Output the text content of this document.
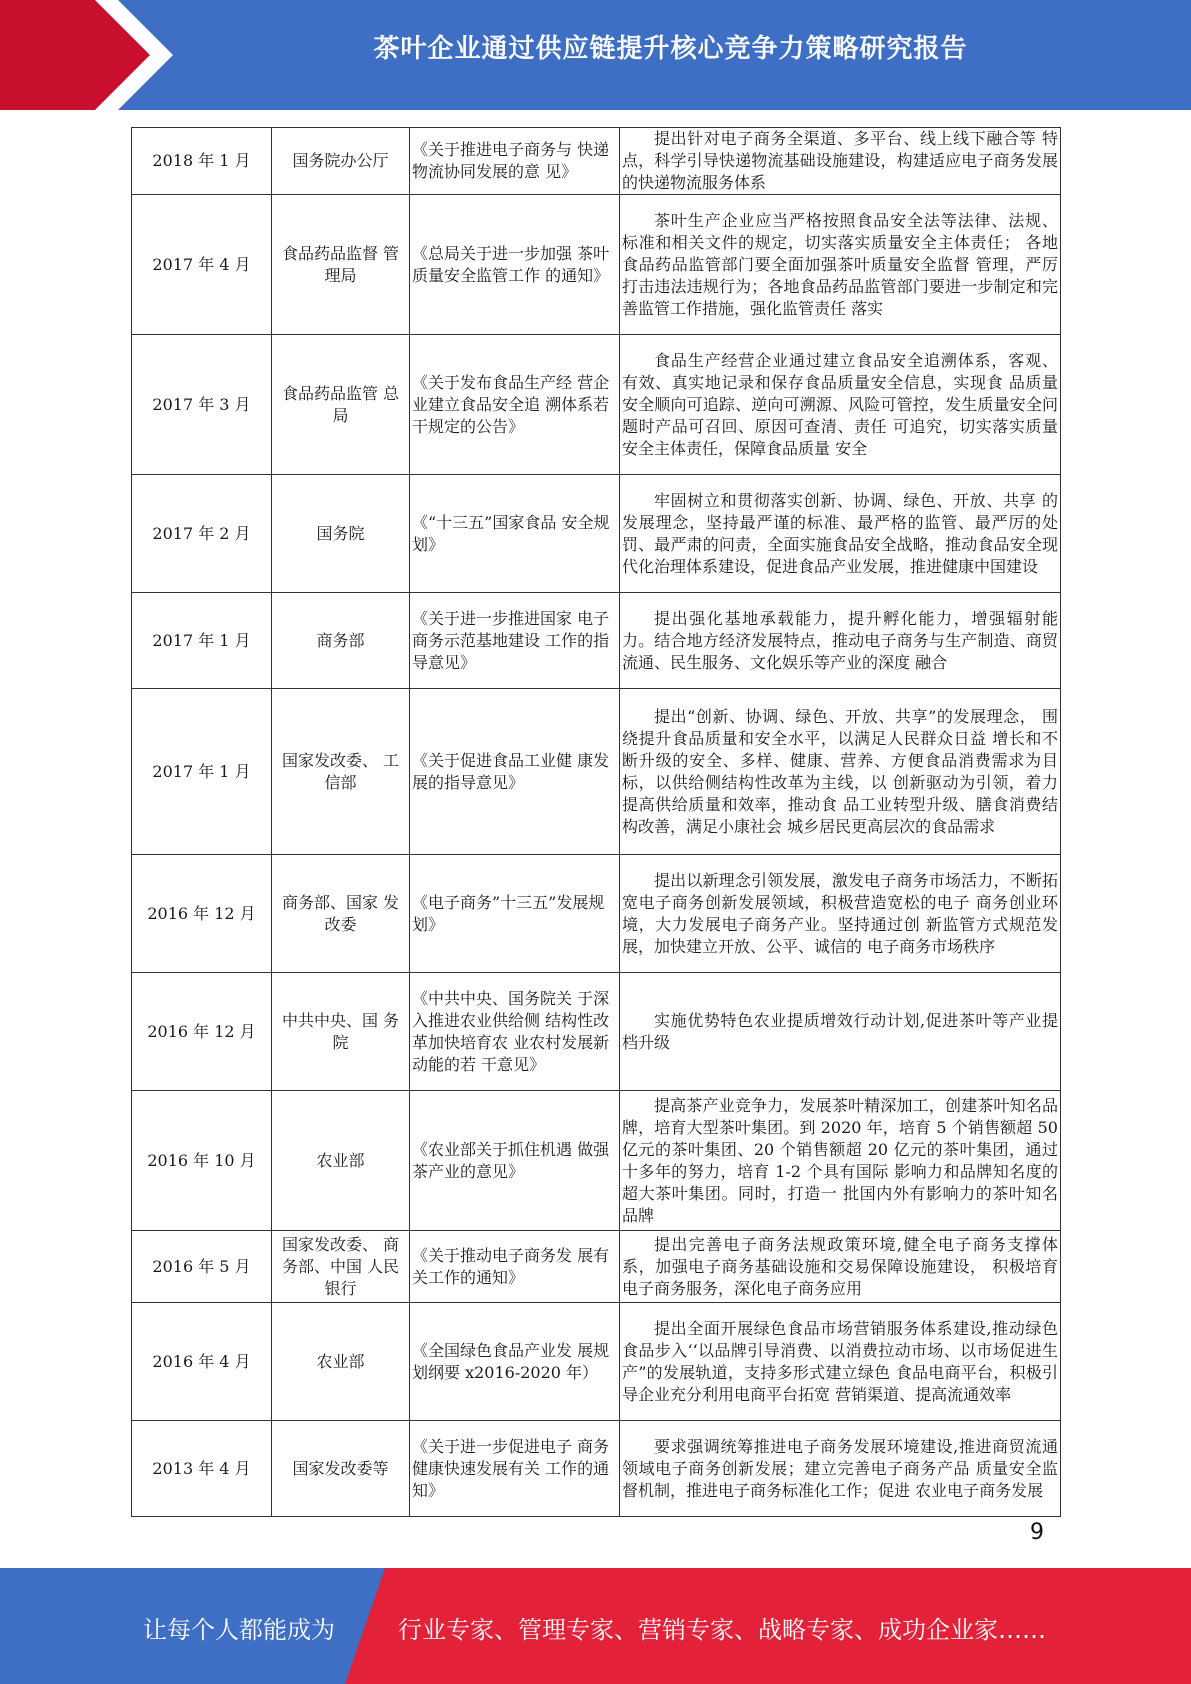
茶叶企业通过供应链提升核心竞争力策略研究报告
2018 年 1 月	国务院办公厅	《关于推进电子商务与 快递物流协同发展的意 见》	提出针对电子商务全渠道、多平台、线上线下融合等 特点，科学引导快递物流基础设施建设，构建适应电子商务发展的快递物流服务体系
2017 年 4 月	食品药品监督 管理局	《总局关于进一步加强 茶叶质量安全监管工作 的通知》	茶叶生产企业应当严格按照食品安全法等法律、法规、 标准和相关文件的规定，切实落实质量安全主体责任； 各地食品药品监管部门要全面加强茶叶质量安全监督 管理，严厉打击违法违规行为；各地食品药品监管部门要进一步制定和完善监管工作措施，强化监管责任 落实
2017 年 3 月	食品药品监管 总局	《关于发布食品生产经 营企业建立食品安全追 溯体系若干规定的公告》	食品生产经营企业通过建立食品安全追溯体系，客观、 有效、真实地记录和保存食品质量安全信息，实现食 品质量安全顺向可追踪、逆向可溯源、风险可管控，发生质量安全问题时产品可召回、原因可查清、责任 可追究，切实落实质量安全主体责任，保障食品质量 安全
2017 年 2 月	国务院	《“十三五”国家食品 安全规划》	牢固树立和贯彻落实创新、协调、绿色、开放、共享 的发展理念，坚持最严谨的标准、最严格的监管、最严厉的处罚、最严肃的问责，全面实施食品安全战略，推动食品安全现代化治理体系建设，促进食品产业发展，推进健康中国建设
2017 年 1 月	商务部	《关于进一步推进国家 电子商务示范基地建设 工作的指导意见》	提出强化基地承载能力，提升孵化能力，增强辐射能 力。结合地方经济发展特点，推动电子商务与生产制造、商贸流通、民生服务、文化娱乐等产业的深度 融合
2017 年 1 月	国家发改委、 工信部	《关于促进食品工业健 康发展的指导意见》	提出“创新、协调、绿色、开放、共享”的发展理念， 围绕提升食品质量和安全水平，以满足人民群众日益 增长和不断升级的安全、多样、健康、营养、方便食品消费需求为目标，以供给侧结构性改革为主线，以 创新驱动为引领，着力提高供给质量和效率，推动食 品工业转型升级、膳食消费结构改善，满足小康社会 城乡居民更高层次的食品需求
2016 年 12 月	商务部、国家 发改委	《电子商务”十三五”发展规划》	提出以新理念引领发展，激发电子商务市场活力，不断拓宽电子商务创新发展领域，积极营造宽松的电子 商务创业环境，大力发展电子商务产业。坚持通过创 新监管方式规范发展，加快建立开放、公平、诚信的 电子商务市场秩序
2016 年 12 月	中共中央、国 务院	《中共中央、国务院关 于深入推进农业供给侧 结构性改革加快培育农 业农村发展新动能的若 干意见》	实施优势特色农业提质增效行动计划,促进茶叶等产业提档升级
2016 年 10 月	农业部	《农业部关于抓住机遇 做强茶产业的意见》	提高茶产业竞争力，发展茶叶精深加工，创建茶叶知名品牌，培育大型茶叶集团。到 2020 年，培育 5 个销售额超 50 亿元的茶叶集团、20 个销售额超 20 亿元的茶叶集团，通过十多年的努力，培育 1-2 个具有国际 影响力和品牌知名度的超大茶叶集团。同时，打造一 批国内外有影响力的茶叶知名品牌
2016 年 5 月	国家发改委、 商务部、中国 人民银行	《关于推动电子商务发 展有关工作的通知》	提出完善电子商务法规政策环境,健全电子商务支撑体系，加强电子商务基础设施和交易保障设施建设， 积极培育电子商务服务，深化电子商务应用
2016 年 4 月	农业部	《全国绿色食品产业发 展规划纲要 x2016-2020 年）	提出全面开展绿色食品市场营销服务体系建设,推动绿色食品步入‘‘以品牌引导消费、以消费拉动市场、以市场促进生产”的发展轨道，支持多形式建立绿色 食品电商平台，积极引导企业充分利用电商平台拓宽 营销渠道、提高流通效率
2013 年 4 月	国家发改委等	《关于进一步促进电子 商务健康快速发展有关 工作的通知》	要求强调统筹推进电子商务发展环境建设,推进商贸流通领域电子商务创新发展；建立完善电子商务产品 质量安全监督机制，推进电子商务标准化工作；促进 农业电子商务发展
9
让每个人都能成为	行业专家、管理专家、营销专家、战略专家、成功企业家……
